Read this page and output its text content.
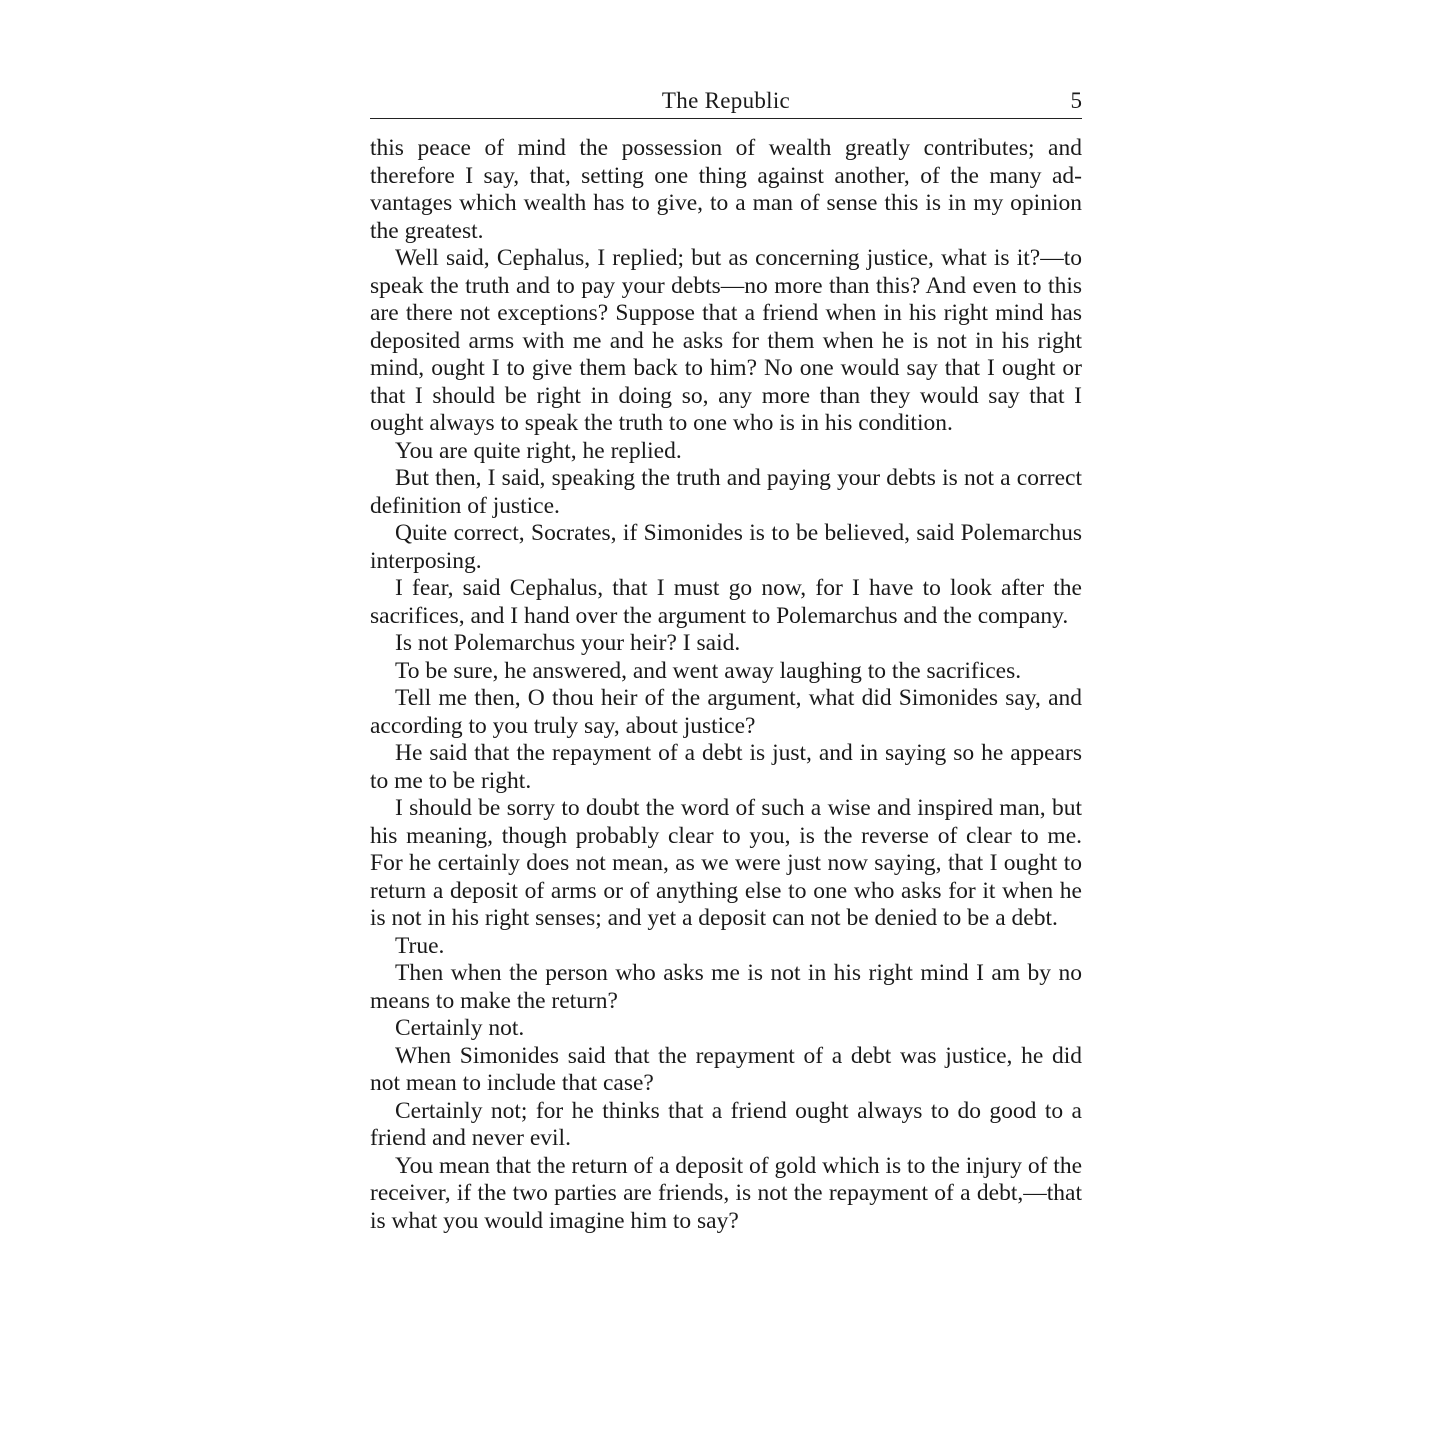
The Republic	5

this peace of mind the possession of wealth greatly contributes; and therefore I say, that, setting one thing against another, of the many advantages which wealth has to give, to a man of sense this is in my opinion the greatest.

Well said, Cephalus, I replied; but as concerning justice, what is it?—to speak the truth and to pay your debts—no more than this? And even to this are there not exceptions? Suppose that a friend when in his right mind has deposited arms with me and he asks for them when he is not in his right mind, ought I to give them back to him? No one would say that I ought or that I should be right in doing so, any more than they would say that I ought always to speak the truth to one who is in his condition.

You are quite right, he replied.

But then, I said, speaking the truth and paying your debts is not a correct definition of justice.

Quite correct, Socrates, if Simonides is to be believed, said Polemarchus interposing.

I fear, said Cephalus, that I must go now, for I have to look after the sacrifices, and I hand over the argument to Polemarchus and the company.

Is not Polemarchus your heir? I said.

To be sure, he answered, and went away laughing to the sacrifices.

Tell me then, O thou heir of the argument, what did Simonides say, and according to you truly say, about justice?

He said that the repayment of a debt is just, and in saying so he appears to me to be right.

I should be sorry to doubt the word of such a wise and inspired man, but his meaning, though probably clear to you, is the reverse of clear to me. For he certainly does not mean, as we were just now saying, that I ought to return a deposit of arms or of anything else to one who asks for it when he is not in his right senses; and yet a deposit can not be denied to be a debt.

True.

Then when the person who asks me is not in his right mind I am by no means to make the return?

Certainly not.

When Simonides said that the repayment of a debt was justice, he did not mean to include that case?

Certainly not; for he thinks that a friend ought always to do good to a friend and never evil.

You mean that the return of a deposit of gold which is to the injury of the receiver, if the two parties are friends, is not the repayment of a debt,—that is what you would imagine him to say?
